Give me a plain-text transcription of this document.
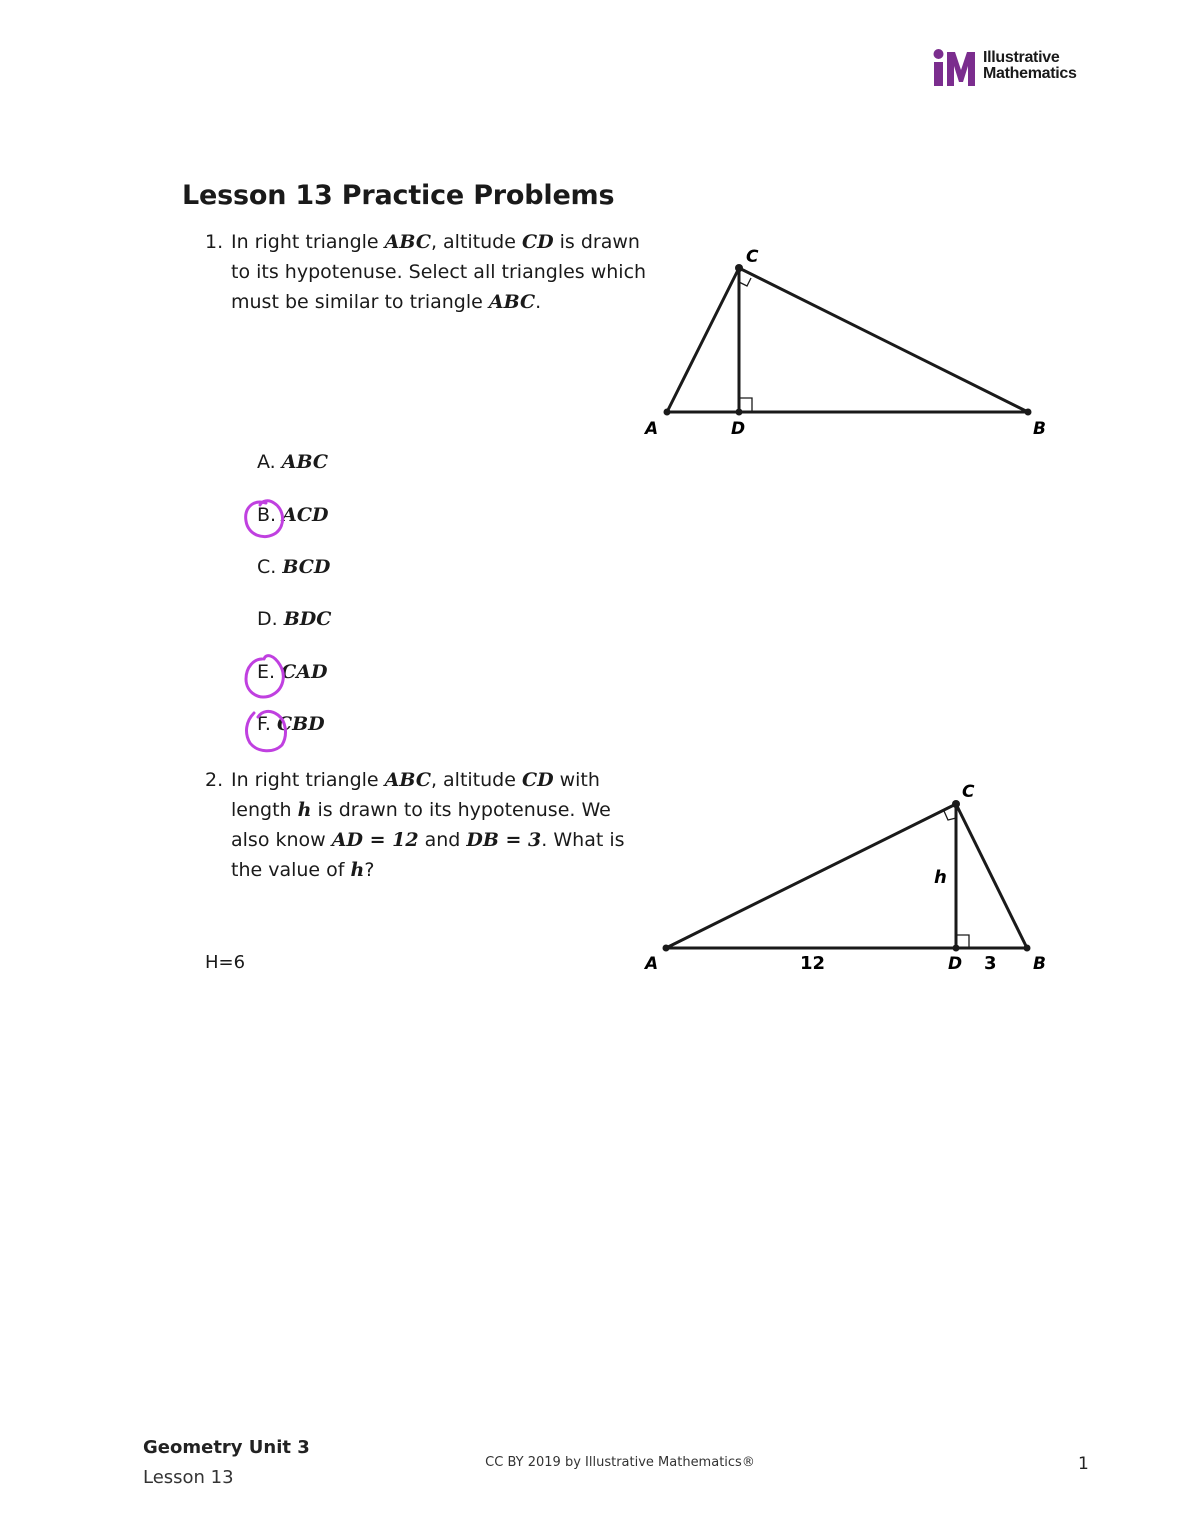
iM
Illustrative
Mathematics
Lesson 13 Practice Problems
1. In right triangle ABC, altitude CD is drawn to its hypotenuse. Select all triangles which must be similar to triangle ABC.
A	D	B
C
A. ABC
B. ACD
C. BCD
D. BDC
E. CAD
F. CBD
2. In right triangle ABC, altitude CD with length h is drawn to its hypotenuse. We also know AD = 12 and DB = 3. What is the value of h?
H=6	A	D	B
C
h
12	3
Geometry Unit 3
Lesson 13
CC BY 2019 by Illustrative Mathematics®	1
